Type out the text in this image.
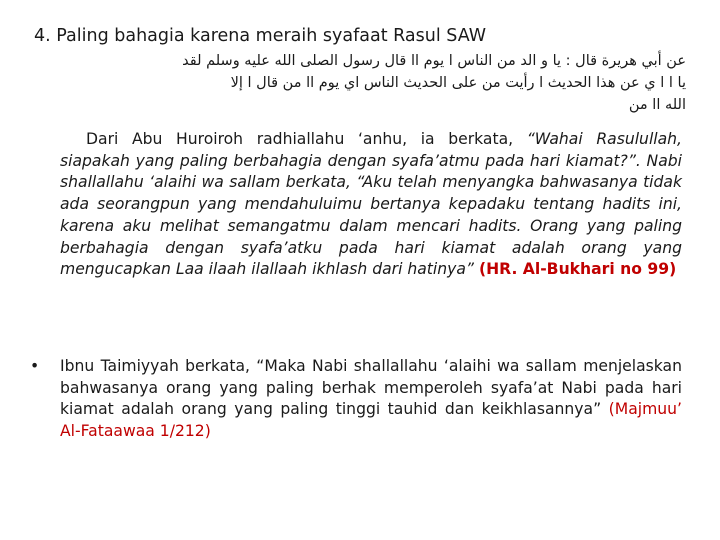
4. Paling bahagia karena meraih syafaat Rasul SAW

عن أبي هريرة قال : يا و الد من الناس ا يوم اا قال رسول الصلى الله عليه وسلم لقد

يا ا ا ي عن هذا الحديث ا رأيت من على الحديث الناس اي يوم اا من قال ا إلا

الله اا من

Dari Abu Huroiroh radhiallahu ‘anhu, ia berkata, “Wahai Rasulullah, siapakah yang paling berbahagia dengan syafa’atmu pada hari kiamat?”. Nabi shallallahu ‘alaihi wa sallam berkata, “Aku telah menyangka bahwasanya tidak ada seorangpun yang mendahuluimu bertanya kepadaku tentang hadits ini, karena aku melihat semangatmu dalam mencari hadits. Orang yang paling berbahagia dengan syafa’atku pada hari kiamat adalah orang yang mengucapkan Laa ilaah ilallaah ikhlash dari hatinya” (HR. Al-Bukhari no 99)

• Ibnu Taimiyyah berkata, “Maka Nabi shallallahu ‘alaihi wa sallam menjelaskan bahwasanya orang yang paling berhak memperoleh syafa’at Nabi pada hari kiamat adalah orang yang paling tinggi tauhid dan keikhlasannya” (Majmuu’ Al-Fataawaa 1/212)
